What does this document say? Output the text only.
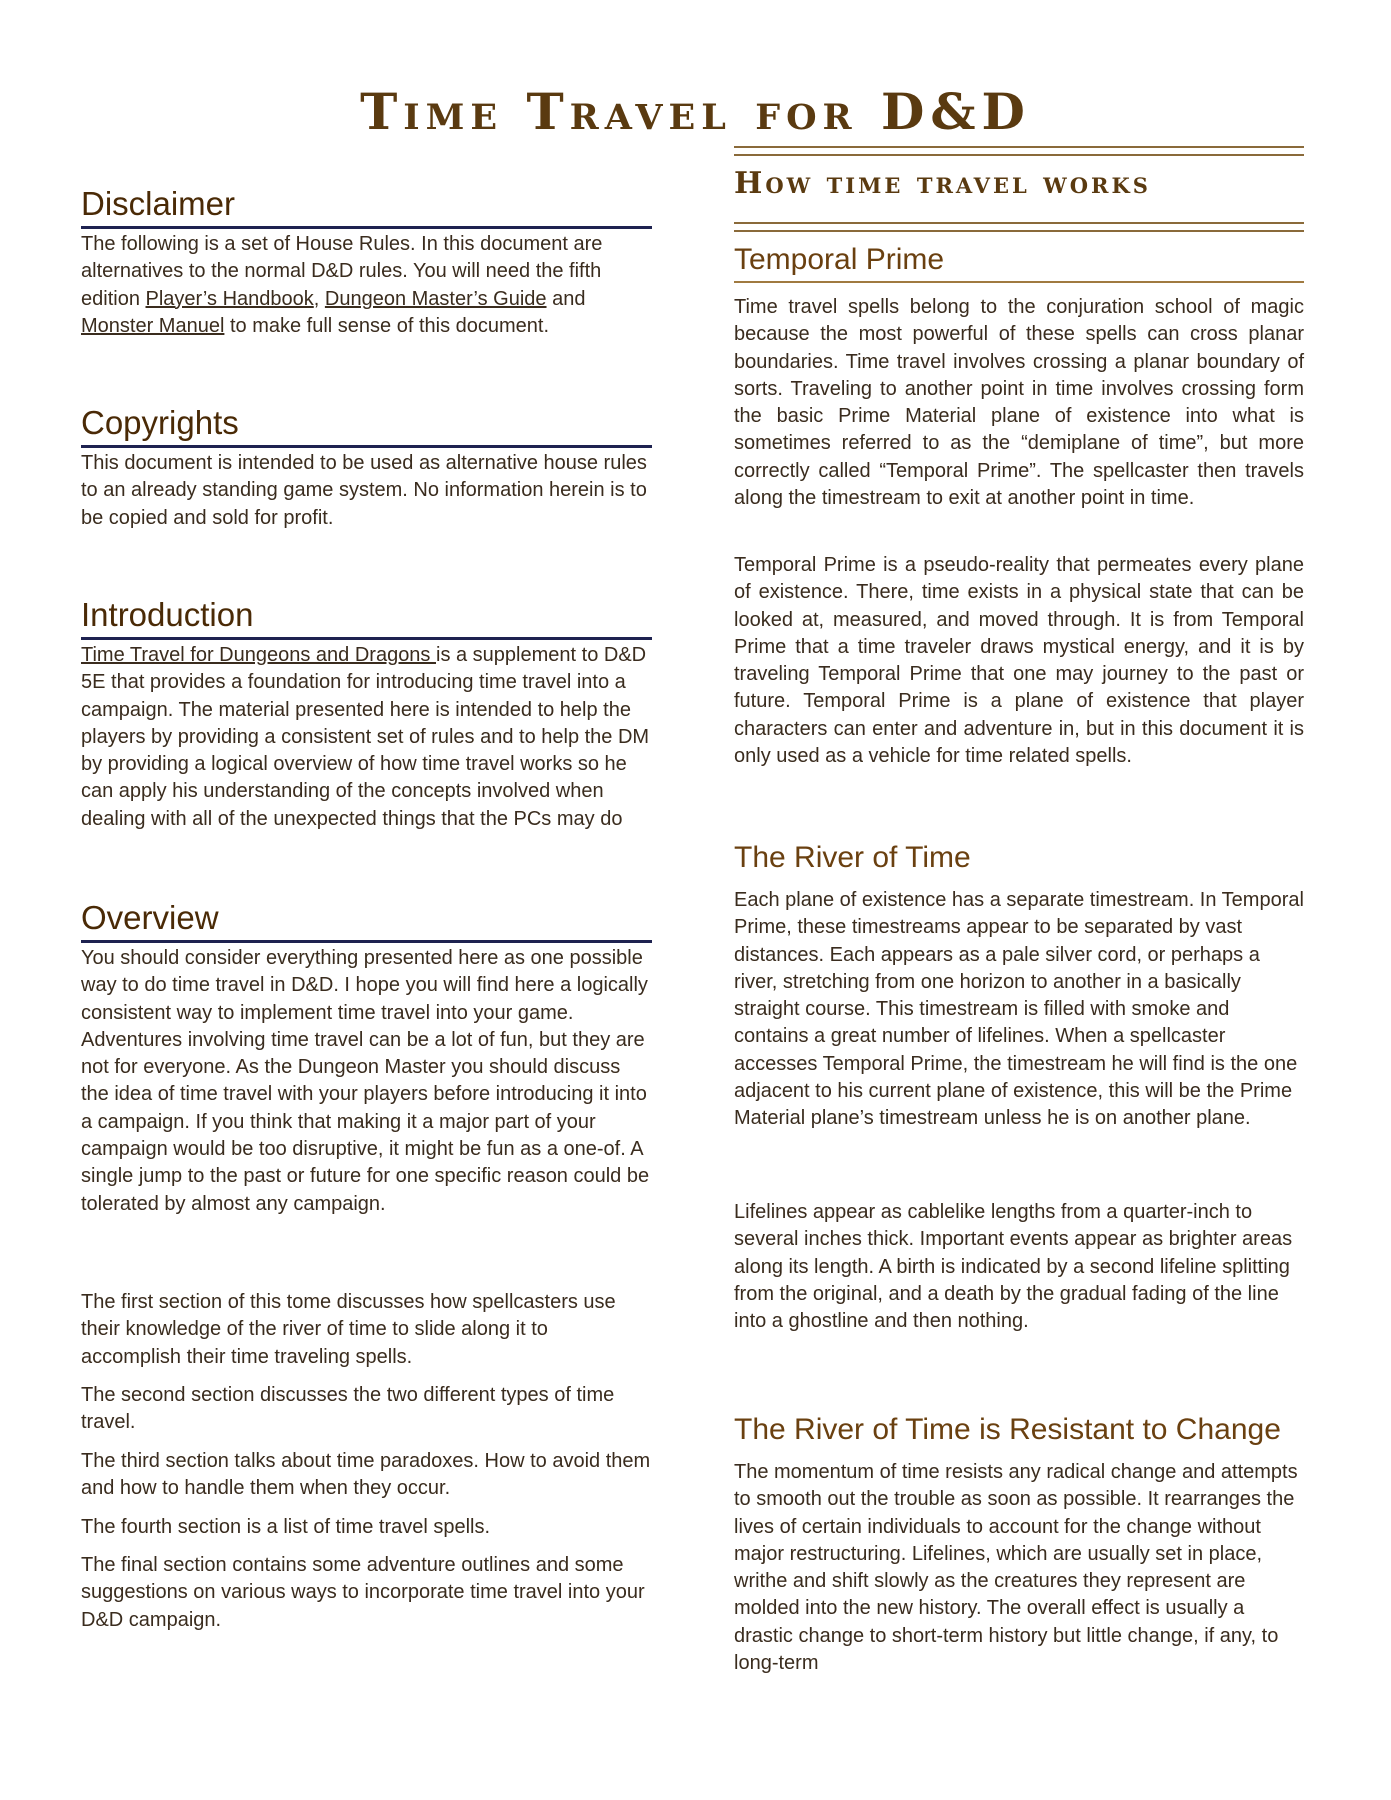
Time Travel for D&D
Disclaimer

The following is a set of House Rules. In this document are alternatives to the normal D&D rules. You will need the fifth edition Player’s Handbook, Dungeon Master’s Guide and Monster Manuel to make full sense of this document.

Copyrights

This document is intended to be used as alternative house rules to an already standing game system. No information herein is to be copied and sold for profit.

Introduction

Time Travel for Dungeons and Dragons is a supplement to D&D 5E that provides a foundation for introducing time travel into a campaign. The material presented here is intended to help the players by providing a consistent set of rules and to help the DM by providing a logical overview of how time travel works so he can apply his understanding of the concepts involved when dealing with all of the unexpected things that the PCs may do

Overview

You should consider everything presented here as one possible way to do time travel in D&D. I hope you will find here a logically consistent way to implement time travel into your game. Adventures involving time travel can be a lot of fun, but they are not for everyone. As the Dungeon Master you should discuss the idea of time travel with your players before introducing it into a campaign. If you think that making it a major part of your campaign would be too disruptive, it might be fun as a one-of. A single jump to the past or future for one specific reason could be tolerated by almost any campaign.

The first section of this tome discusses how spellcasters use their knowledge of the river of time to slide along it to accomplish their time traveling spells.

The second section discusses the two different types of time travel.

The third section talks about time paradoxes. How to avoid them and how to handle them when they occur.

The fourth section is a list of time travel spells.

The final section contains some adventure outlines and some suggestions on various ways to incorporate time travel into your D&D campaign.

How time travel works
Temporal Prime

Time travel spells belong to the conjuration school of magic because the most powerful of these spells can cross planar boundaries. Time travel involves crossing a planar boundary of sorts. Traveling to another point in time involves crossing form the basic Prime Material plane of existence into what is sometimes referred to as the “demiplane of time”, but more correctly called “Temporal Prime”. The spellcaster then travels along the timestream to exit at another point in time.

Temporal Prime is a pseudo-reality that permeates every plane of existence. There, time exists in a physical state that can be looked at, measured, and moved through. It is from Temporal Prime that a time traveler draws mystical energy, and it is by traveling Temporal Prime that one may journey to the past or future. Temporal Prime is a plane of existence that player characters can enter and adventure in, but in this document it is only used as a vehicle for time related spells.

The River of Time

Each plane of existence has a separate timestream. In Temporal Prime, these timestreams appear to be separated by vast distances. Each appears as a pale silver cord, or perhaps a river, stretching from one horizon to another in a basically straight course. This timestream is filled with smoke and contains a great number of lifelines. When a spellcaster accesses Temporal Prime, the timestream he will find is the one adjacent to his current plane of existence, this will be the Prime Material plane’s timestream unless he is on another plane.

Lifelines appear as cablelike lengths from a quarter-inch to several inches thick. Important events appear as brighter areas along its length. A birth is indicated by a second lifeline splitting from the original, and a death by the gradual fading of the line into a ghostline and then nothing.

The River of Time is Resistant to Change

The momentum of time resists any radical change and attempts to smooth out the trouble as soon as possible. It rearranges the lives of certain individuals to account for the change without major restructuring. Lifelines, which are usually set in place, writhe and shift slowly as the creatures they represent are molded into the new history. The overall effect is usually a drastic change to short-term history but little change, if any, to long-term
